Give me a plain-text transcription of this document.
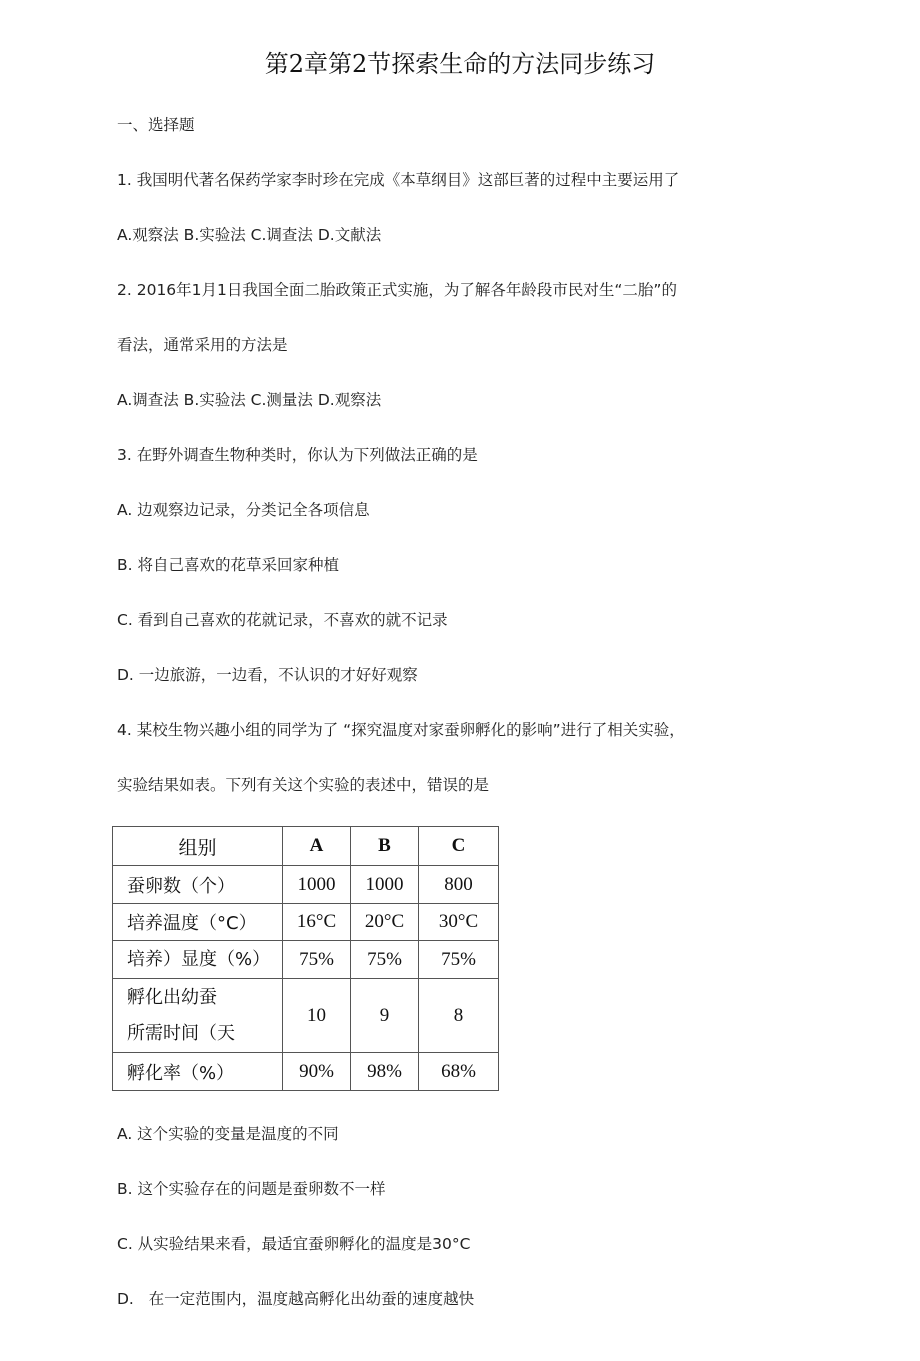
第2章第2节探索生命的方法同步练习
一、选择题
1. 我国明代著名保药学家李时珍在完成《本草纲目》这部巨著的过程中主要运用了
A.观察法 B.实验法 C.调查法 D.文献法
2. 2016年1月1日我国全面二胎政策正式实施，为了解各年龄段市民对生“二胎”的
看法，通常采用的方法是
A.调查法 B.实验法 C.测量法 D.观察法
3. 在野外调查生物种类时，你认为下列做法正确的是
A. 边观察边记录，分类记全各项信息
B. 将自己喜欢的花草采回家种植
C. 看到自己喜欢的花就记录，不喜欢的就不记录
D. 一边旅游，一边看，不认识的才好好观察
4. 某校生物兴趣小组的同学为了 “探究温度对家蚕卵孵化的影响”进行了相关实验，
实验结果如表。下列有关这个实验的表述中，错误的是
组别	A	B	C
蚕卵数（个）	1000	1000	800
培养温度（°C）	16°C	20°C	30°C

培养）显度（%）	75%	75%	75%

孵化出幼蚕
所需时间（天	10	9	8
孵化率（%）	90%	98%	68%
A. 这个实验的变量是温度的不同
B. 这个实验存在的问题是蚕卵数不一样
C. 从实验结果来看，最适宜蚕卵孵化的温度是30°C
D.   在一定范围内，温度越高孵化出幼蚕的速度越快
